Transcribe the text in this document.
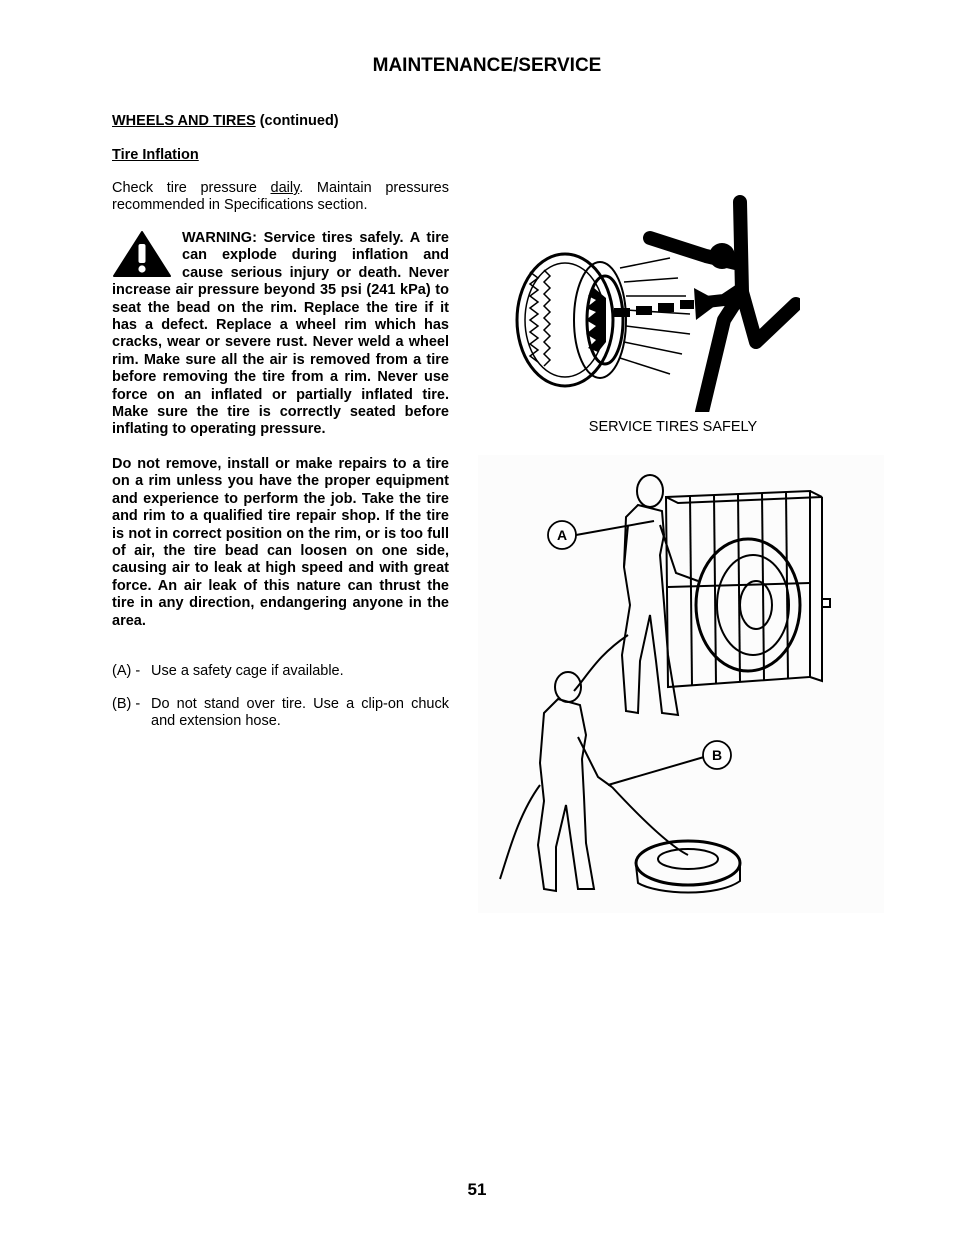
MAINTENANCE/SERVICE
WHEELS AND TIRES (continued)
Tire Inflation
Check tire pressure daily. Maintain pressures recommended in Specifications section.
WARNING: Service tires safely. A tire can explode during inflation and cause serious injury or death. Never increase air pressure beyond 35 psi (241 kPa) to seat the bead on the rim. Replace the tire if it has a defect. Replace a wheel rim which has cracks, wear or severe rust. Never weld a wheel rim. Make sure all the air is removed from a tire before removing the tire from a rim. Never use force on an inflated or partially inflated tire. Make sure the tire is correctly seated before inflating to operating pressure.
Do not remove, install or make repairs to a tire on a rim unless you have the proper equipment and experience to perform the job. Take the tire and rim to a qualified tire repair shop. If the tire is not in correct position on the rim, or is too full of air, the tire bead can loosen on one side, causing air to leak at high speed and with great force. An air leak of this nature can thrust the tire in any direction, endangering anyone in the area.
(A) - Use a safety cage if available.
(B) - Do not stand over tire. Use a clip-on chuck and extension hose.
SERVICE TIRES SAFELY
A
B
51
